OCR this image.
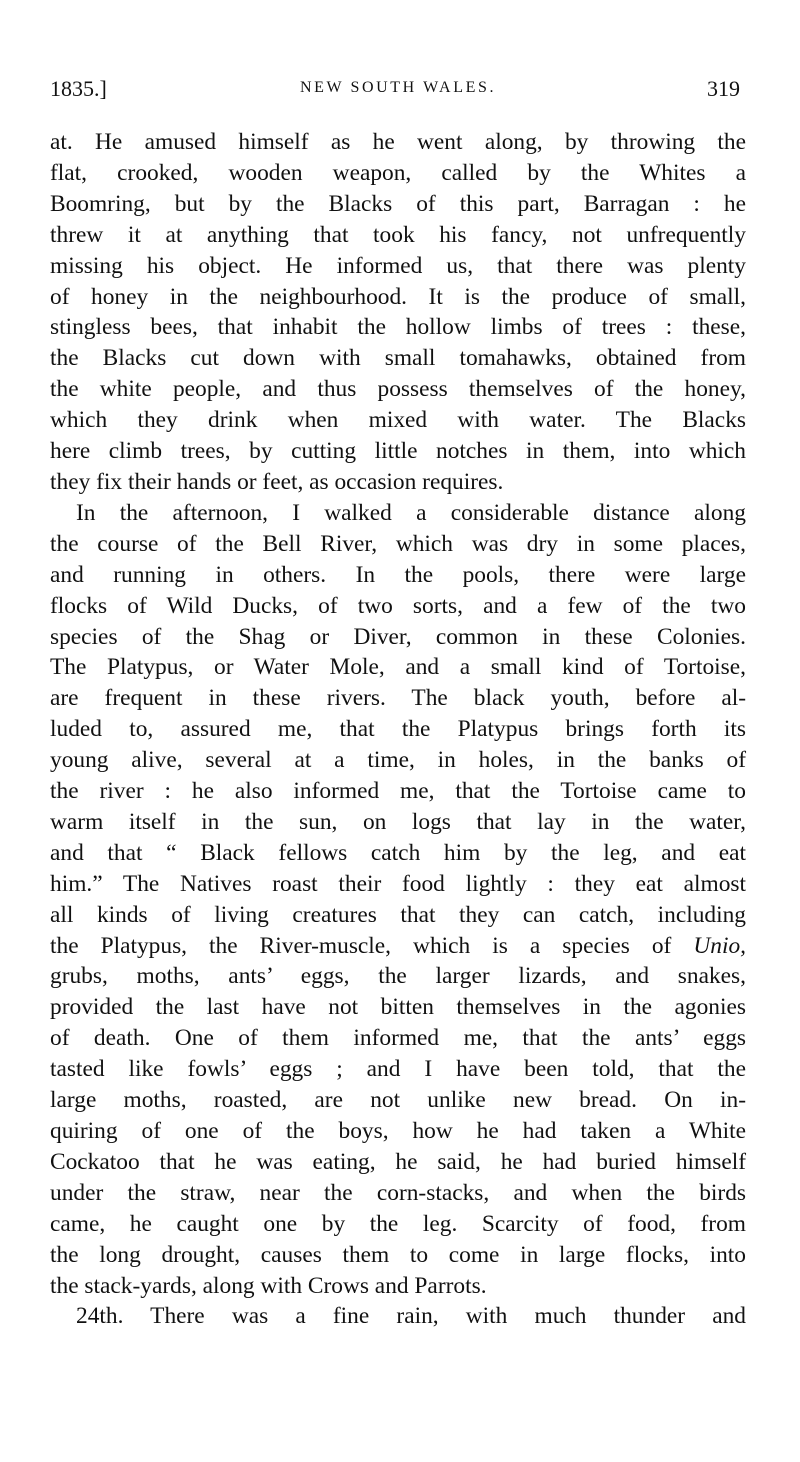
1835.]	NEW SOUTH WALES.	319
at. He amused himself as he went along, by throwing the
flat, crooked, wooden weapon, called by the Whites a
Boomring, but by the Blacks of this part, Barragan : he
threw it at anything that took his fancy, not unfrequently
missing his object. He informed us, that there was plenty
of honey in the neighbourhood. It is the produce of small,
stingless bees, that inhabit the hollow limbs of trees : these,
the Blacks cut down with small tomahawks, obtained from
the white people, and thus possess themselves of the honey,
which they drink when mixed with water. The Blacks
here climb trees, by cutting little notches in them, into which
they fix their hands or feet, as occasion requires.
In the afternoon, I walked a considerable distance along
the course of the Bell River, which was dry in some places,
and running in others. In the pools, there were large
flocks of Wild Ducks, of two sorts, and a few of the two
species of the Shag or Diver, common in these Colonies.
The Platypus, or Water Mole, and a small kind of Tortoise,
are frequent in these rivers. The black youth, before al-
luded to, assured me, that the Platypus brings forth its
young alive, several at a time, in holes, in the banks of
the river : he also informed me, that the Tortoise came to
warm itself in the sun, on logs that lay in the water,
and that “ Black fellows catch him by the leg, and eat
him.” The Natives roast their food lightly : they eat almost
all kinds of living creatures that they can catch, including
the Platypus, the River-muscle, which is a species of Unio,
grubs, moths, ants’ eggs, the larger lizards, and snakes,
provided the last have not bitten themselves in the agonies
of death. One of them informed me, that the ants’ eggs
tasted like fowls’ eggs ; and I have been told, that the
large moths, roasted, are not unlike new bread. On in-
quiring of one of the boys, how he had taken a White
Cockatoo that he was eating, he said, he had buried himself
under the straw, near the corn-stacks, and when the birds
came, he caught one by the leg. Scarcity of food, from
the long drought, causes them to come in large flocks, into
the stack-yards, along with Crows and Parrots.
24th. There was a fine rain, with much thunder and
